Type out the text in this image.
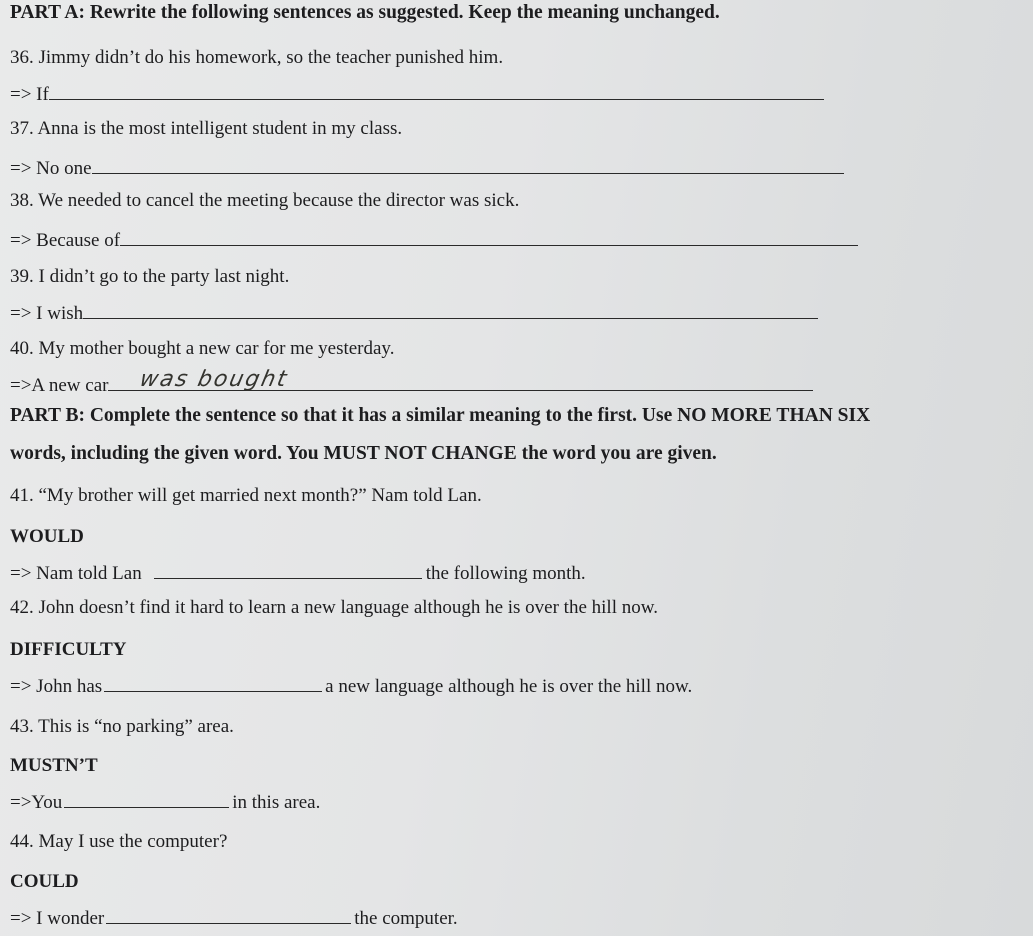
PART A: Rewrite the following sentences as suggested. Keep the meaning unchanged.
36. Jimmy didn’t do his homework, so the teacher punished him.
=> If
37. Anna is the most intelligent student in my class.
=> No one
38. We needed to cancel the meeting because the director was sick.
=> Because of
39. I didn’t go to the party last night.
=> I wish
40. My mother bought a new car for me yesterday.
=>A new car was bought
PART B: Complete the sentence so that it has a similar meaning to the first. Use NO MORE THAN SIX
words, including the given word. You MUST NOT CHANGE the word you are given.
41. “My brother will get married next month?” Nam told Lan.
WOULD
=> Nam told Lan	the following month.
42. John doesn’t find it hard to learn a new language although he is over the hill now.
DIFFICULTY
=> John has	a new language although he is over the hill now.
43. This is “no parking” area.
MUSTN’T
=>You	in this area.
44. May I use the computer?
COULD
=> I wonder	the computer.
